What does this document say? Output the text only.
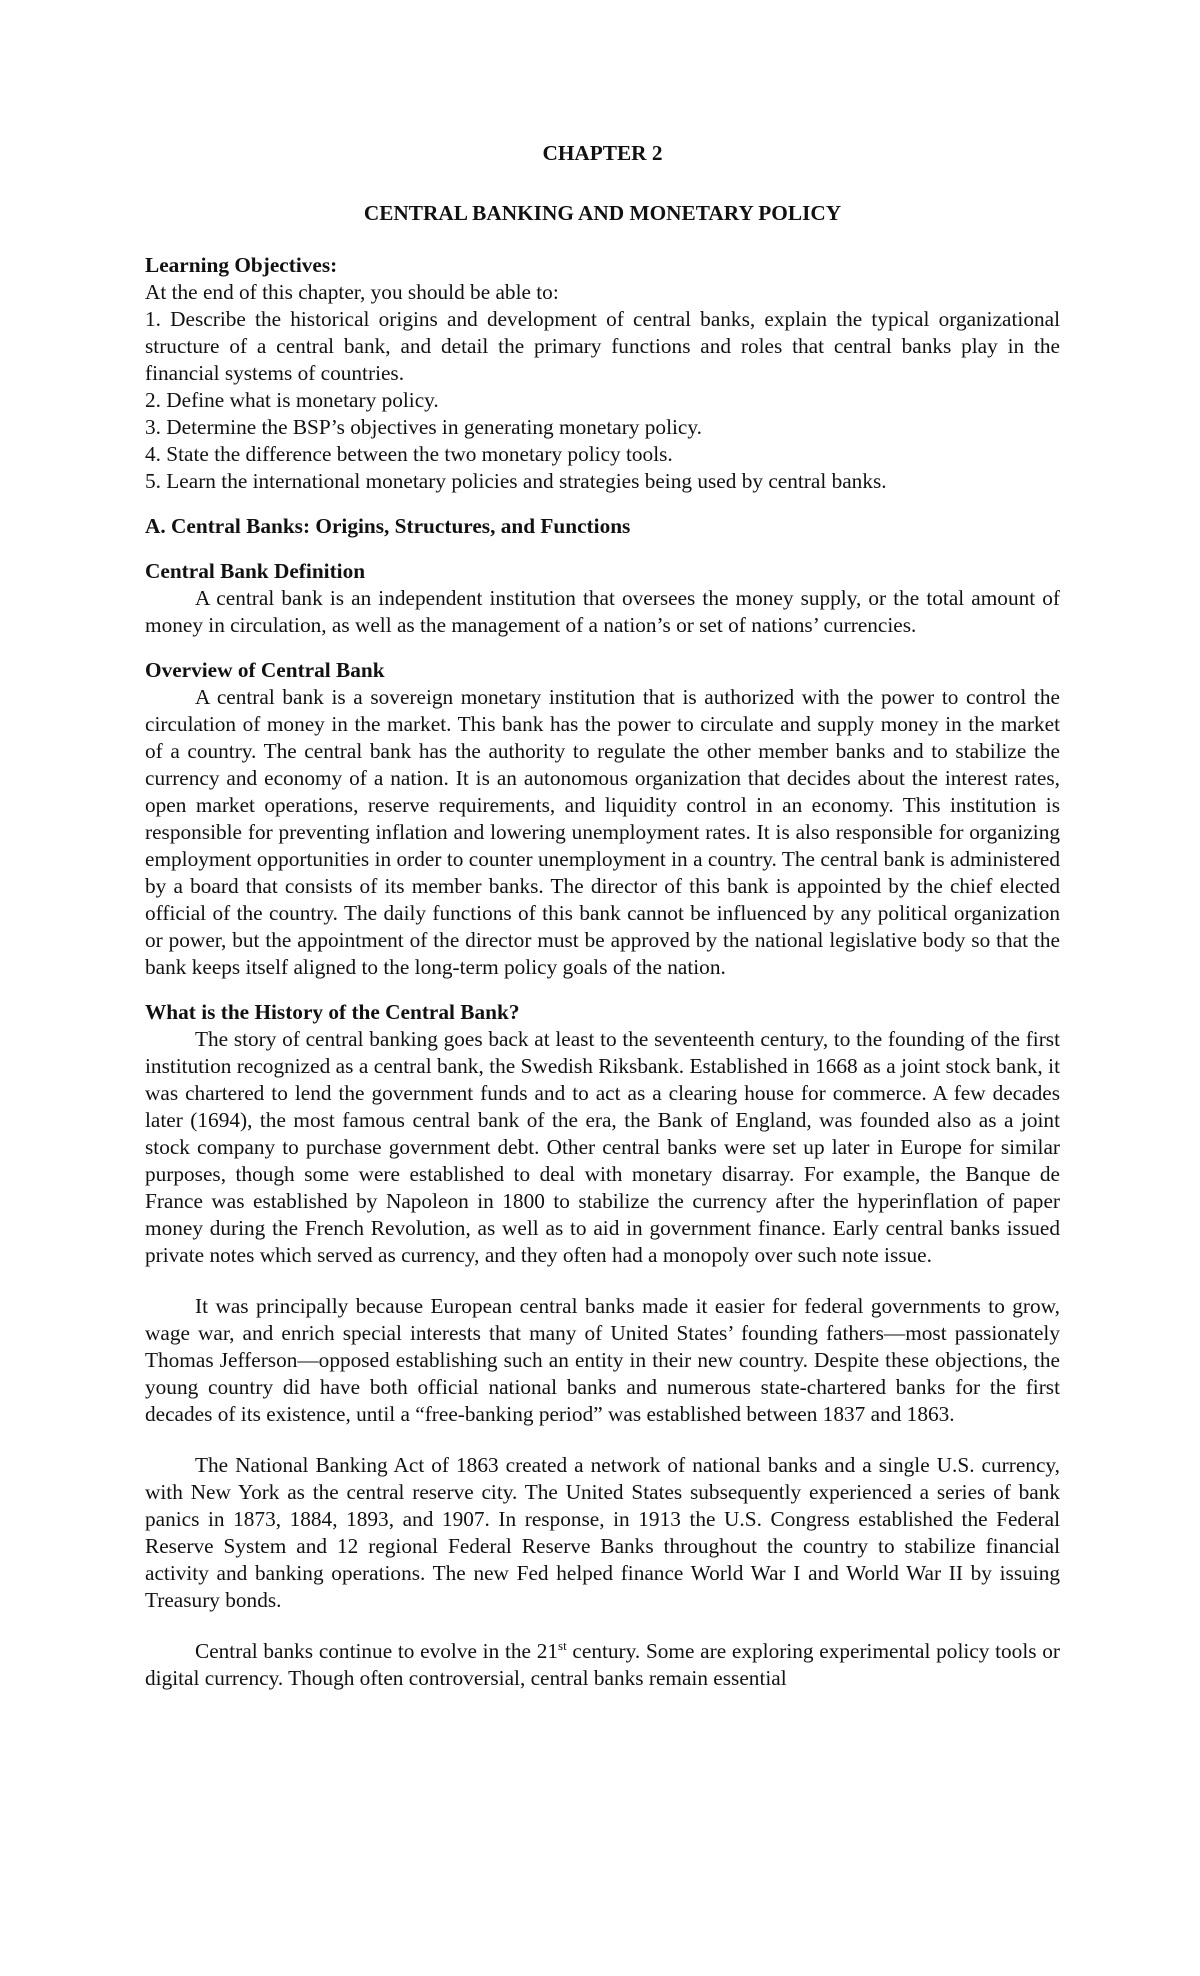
CHAPTER 2
CENTRAL BANKING AND MONETARY POLICY
Learning Objectives:
At the end of this chapter, you should be able to:
1. Describe the historical origins and development of central banks, explain the typical organizational structure of a central bank, and detail the primary functions and roles that central banks play in the financial systems of countries.
2. Define what is monetary policy.
3. Determine the BSP’s objectives in generating monetary policy.
4. State the difference between the two monetary policy tools.
5. Learn the international monetary policies and strategies being used by central banks.
A. Central Banks: Origins, Structures, and Functions
Central Bank Definition

A central bank is an independent institution that oversees the money supply, or the total amount of money in circulation, as well as the management of a nation’s or set of nations’ currencies.

Overview of Central Bank

A central bank is a sovereign monetary institution that is authorized with the power to control the circulation of money in the market. This bank has the power to circulate and supply money in the market of a country. The central bank has the authority to regulate the other member banks and to stabilize the currency and economy of a nation. It is an autonomous organization that decides about the interest rates, open market operations, reserve requirements, and liquidity control in an economy. This institution is responsible for preventing inflation and lowering unemployment rates. It is also responsible for organizing employment opportunities in order to counter unemployment in a country. The central bank is administered by a board that consists of its member banks. The director of this bank is appointed by the chief elected official of the country. The daily functions of this bank cannot be influenced by any political organization or power, but the appointment of the director must be approved by the national legislative body so that the bank keeps itself aligned to the long-term policy goals of the nation.

What is the History of the Central Bank?

The story of central banking goes back at least to the seventeenth century, to the founding of the first institution recognized as a central bank, the Swedish Riksbank. Established in 1668 as a joint stock bank, it was chartered to lend the government funds and to act as a clearing house for commerce. A few decades later (1694), the most famous central bank of the era, the Bank of England, was founded also as a joint stock company to purchase government debt. Other central banks were set up later in Europe for similar purposes, though some were established to deal with monetary disarray. For example, the Banque de France was established by Napoleon in 1800 to stabilize the currency after the hyperinflation of paper money during the French Revolution, as well as to aid in government finance. Early central banks issued private notes which served as currency, and they often had a monopoly over such note issue.

It was principally because European central banks made it easier for federal governments to grow, wage war, and enrich special interests that many of United States’ founding fathers—most passionately Thomas Jefferson—opposed establishing such an entity in their new country. Despite these objections, the young country did have both official national banks and numerous state-chartered banks for the first decades of its existence, until a “free-banking period” was established between 1837 and 1863.

The National Banking Act of 1863 created a network of national banks and a single U.S. currency, with New York as the central reserve city. The United States subsequently experienced a series of bank panics in 1873, 1884, 1893, and 1907. In response, in 1913 the U.S. Congress established the Federal Reserve System and 12 regional Federal Reserve Banks throughout the country to stabilize financial activity and banking operations. The new Fed helped finance World War I and World War II by issuing Treasury bonds.

Central banks continue to evolve in the 21st century. Some are exploring experimental policy tools or digital currency. Though often controversial, central banks remain essential
